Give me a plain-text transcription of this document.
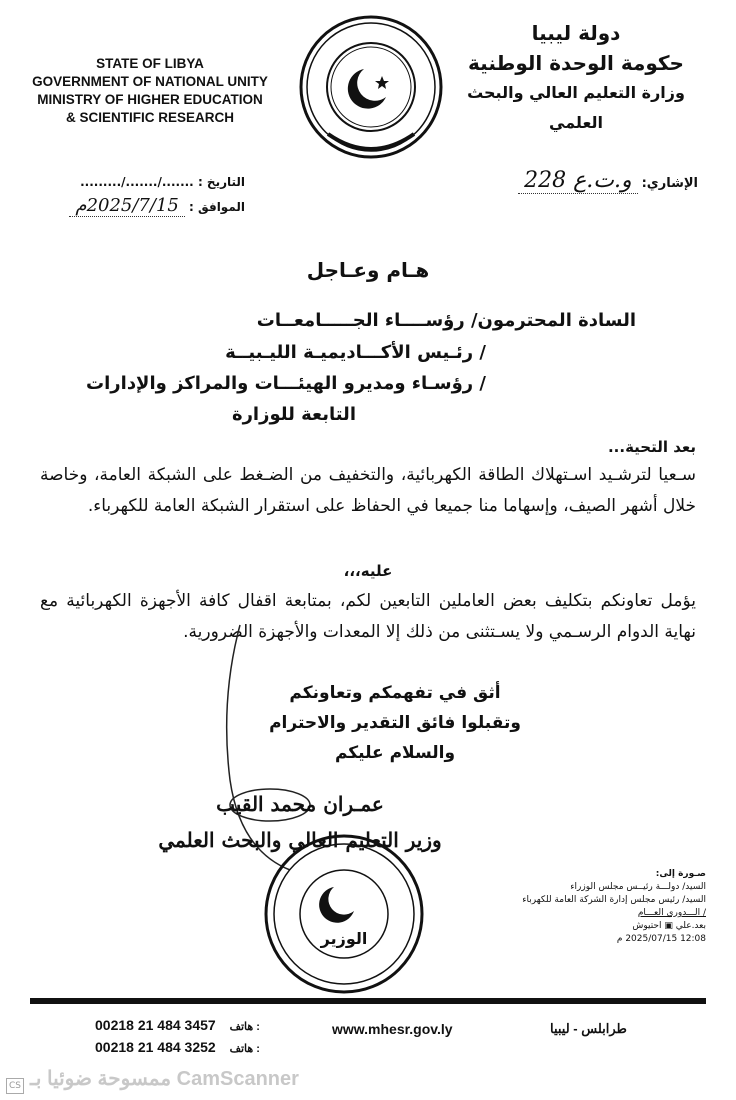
STATE OF LIBYA
GOVERNMENT OF NATIONAL UNITY
MINISTRY OF HIGHER EDUCATION
& SCIENTIFIC RESEARCH
دولة ليبيا
حكومة الوحدة الوطنية
وزارة التعليم العالي والبحث العلمي
الإشاري:
و.ت.ع 228
التاريخ : ......./......./.........
الموافق : 2025/7/15م
هـام وعـاجل
السادة المحترمون/ رؤســــاء الجـــــامعــات
/ رئـيس الأكـــاديميـة الليـبيــة
/ رؤسـاء ومديرو الهيئـــات والمراكز والإدارات
التابعة للوزارة
بعد التحية...
سـعيا لترشـيد اسـتهلاك الطاقة الكهربائية، والتخفيف من الضـغط على الشبكة العامة، وخاصة خلال أشهر الصيف، وإسهاما منا جميعا في الحفاظ على استقرار الشبكة العامة للكهرباء.
عليه،،،
يؤمل تعاونكم بتكليف بعض العاملين التابعين لكم، بمتابعة اقفال كافة الأجهزة الكهربائية مع نهاية الدوام الرسـمي ولا يسـتثنى من ذلك إلا المعدات والأجهزة الضرورية.
أثق في تفهمكم وتعاونكم
وتقبلوا فائق التقدير والاحترام
والسلام عليكم
عمـران محمد القيب
وزير التعليم العالي والبحث العلمي
الوزير
صـورة إلى:
السيد/ دولـــة رئيــس مجلس الوزراء
السيد/ رئيس مجلس إدارة الشركة العامة للكهرباء
/ الـــدوري العـــام
بعد.علي ▣ احتيوش
12:08 2025/07/15 م
00218 21 484 3457 هاتف :
00218 21 484 3252 هاتف :
www.mhesr.gov.ly	طرابلس - ليبيا
ممسوحة ضوئيا بـ CamScanner
CS
